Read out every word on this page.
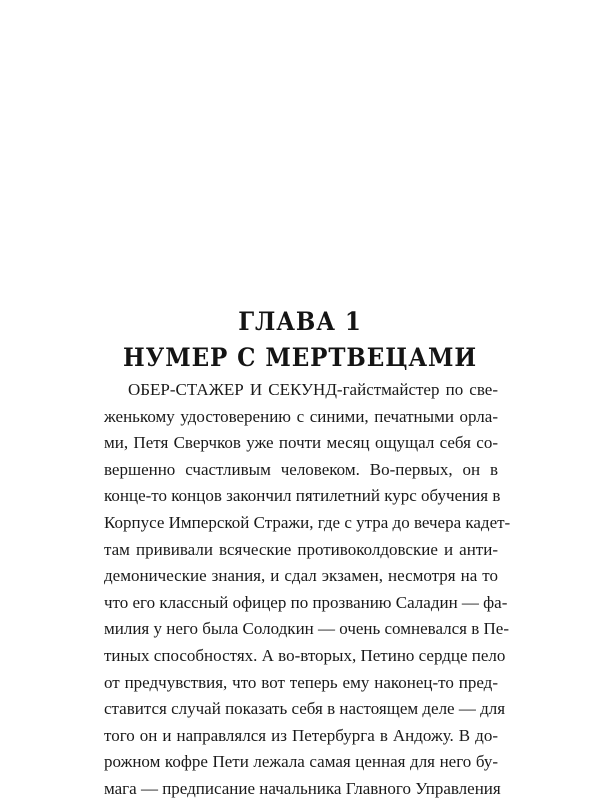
ГЛАВА 1
НУМЕР С МЕРТВЕЦАМИ
ОБЕР-СТАЖЕР И СЕКУНД-гайстмайстер по све-
женькому удостоверению с синими, печатными орла-
ми, Петя Сверчков уже почти месяц ощущал себя со-
вершенно счастливым человеком. Во-первых, он в
конце-то концов закончил пятилетний курс обучения в
Корпусе Имперской Стражи, где с утра до вечера кадет-
там прививали всяческие противоколдовские и анти-
демонические знания, и сдал экзамен, несмотря на то
что его классный офицер по прозванию Саладин — фа-
милия у него была Солодкин — очень сомневался в Пе-
тиных способностях. А во-вторых, Петино сердце пело
от предчувствия, что вот теперь ему наконец-то пред-
ставится случай показать себя в настоящем деле — для
того он и направлялся из Петербурга в Андожу. В до-
рожном кофре Пети лежала самая ценная для него бу-
мага — предписание начальника Главного Управления
